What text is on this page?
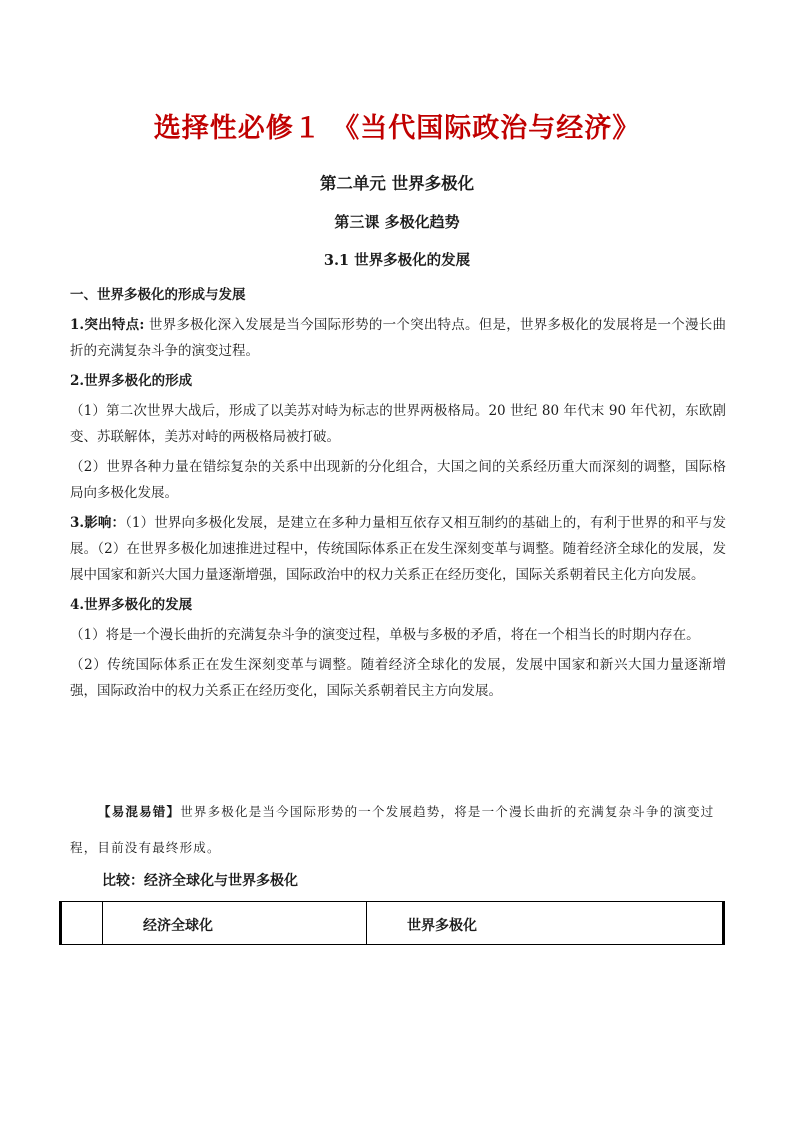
选择性必修１ 《当代国际政治与经济》
第二单元 世界多极化
第三课 多极化趋势
3.1 世界多极化的发展

一、世界多极化的形成与发展

1.突出特点: 世界多极化深入发展是当今国际形势的一个突出特点。但是，世界多极化的发展将是一个漫长曲折的充满复杂斗争的演变过程。

2.世界多极化的形成

（1）第二次世界大战后，形成了以美苏对峙为标志的世界两极格局。20 世纪 80 年代末 90 年代初，东欧剧变、苏联解体，美苏对峙的两极格局被打破。

（2）世界各种力量在错综复杂的关系中出现新的分化组合，大国之间的关系经历重大而深刻的调整，国际格局向多极化发展。

3.影响：（1）世界向多极化发展，是建立在多种力量相互依存又相互制约的基础上的，有利于世界的和平与发展。（2）在世界多极化加速推进过程中，传统国际体系正在发生深刻变革与调整。随着经济全球化的发展，发展中国家和新兴大国力量逐渐增强，国际政治中的权力关系正在经历变化，国际关系朝着民主化方向发展。

4.世界多极化的发展

（1）将是一个漫长曲折的充满复杂斗争的演变过程，单极与多极的矛盾，将在一个相当长的时期内存在。

（2）传统国际体系正在发生深刻变革与调整。随着经济全球化的发展，发展中国家和新兴大国力量逐渐增强，国际政治中的权力关系正在经历变化，国际关系朝着民主方向发展。

【易混易错】世界多极化是当今国际形势的一个发展趋势，将是一个漫长曲折的充满复杂斗争的演变过程，目前没有最终形成。
比较：经济全球化与世界多极化
经济全球化	世界多极化
